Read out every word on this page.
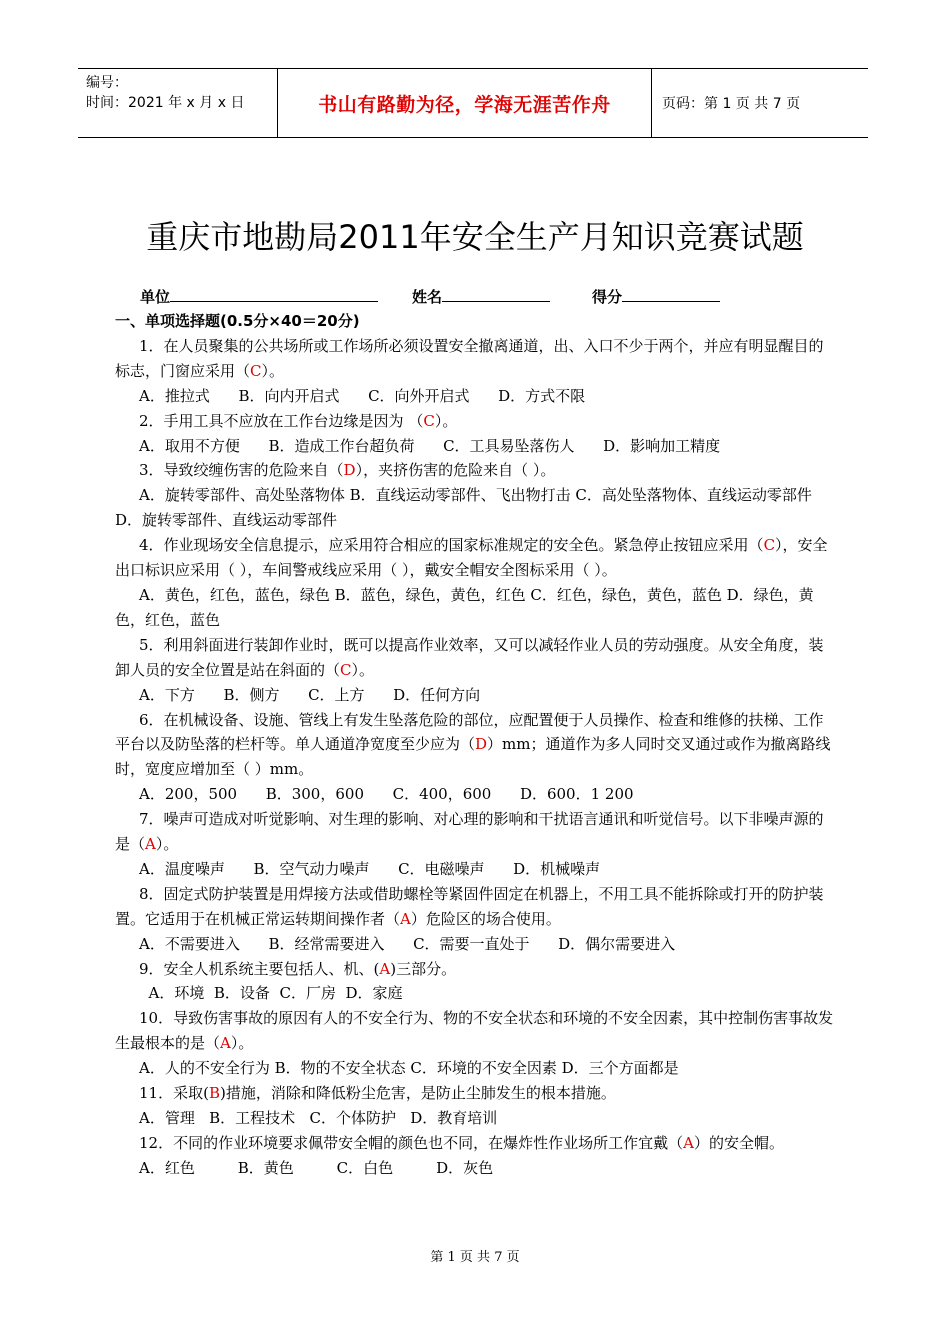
编号：
时间：2021 年 x 月 x 日	书山有路勤为径，学海无涯苦作舟	页码：第 1 页 共 7 页
重庆市地勘局2011年安全生产月知识竞赛试题
单位	姓名	得分

一、单项选择题(0.5分×40＝20分)

1．在人员聚集的公共场所或工作场所必须设置安全撤离通道，出、入口不少于两个，并应有明显醒目的标志，门窗应采用（C）。

A．推拉式      B．向内开启式      C．向外开启式      D．方式不限

2．手用工具不应放在工作台边缘是因为 （C）。

A．取用不方便      B．造成工作台超负荷      C．工具易坠落伤人      D．影响加工精度

3．导致绞缠伤害的危险来自（D），夹挤伤害的危险来自（ ）。

A．旋转零部件、高处坠落物体 B．直线运动零部件、飞出物打击 C．高处坠落物体、直线运动零部件 D．旋转零部件、直线运动零部件

4．作业现场安全信息提示，应采用符合相应的国家标准规定的安全色。紧急停止按钮应采用（C），安全出口标识应采用（ ），车间警戒线应采用（ ），戴安全帽安全图标采用（ ）。

A．黄色，红色，蓝色，绿色 B．蓝色，绿色，黄色，红色 C．红色，绿色，黄色，蓝色 D．绿色，黄色，红色，蓝色

5．利用斜面进行装卸作业时，既可以提高作业效率，又可以减轻作业人员的劳动强度。从安全角度，装卸人员的安全位置是站在斜面的（C）。

A．下方      B．侧方      C．上方      D．任何方向

6．在机械设备、设施、管线上有发生坠落危险的部位，应配置便于人员操作、检查和维修的扶梯、工作平台以及防坠落的栏杆等。单人通道净宽度至少应为（D）mm；通道作为多人同时交叉通过或作为撤离路线时，宽度应增加至（ ）mm。

A．200，500      B．300，600      C．400，600      D．600．1 200

7．噪声可造成对听觉影响、对生理的影响、对心理的影响和干扰语言通讯和听觉信号。以下非噪声源的是（A）。

A．温度噪声      B．空气动力噪声      C．电磁噪声      D．机械噪声

8．固定式防护装置是用焊接方法或借助螺栓等紧固件固定在机器上，不用工具不能拆除或打开的防护装置。它适用于在机械正常运转期间操作者（A）危险区的场合使用。

A．不需要进入      B．经常需要进入      C．需要一直处于      D．偶尔需要进入

9．安全人机系统主要包括人、机、(A)三部分。

A．环境  B．设备  C．厂房  D．家庭

10．导致伤害事故的原因有人的不安全行为、物的不安全状态和环境的不安全因素，其中控制伤害事故发生最根本的是（A）。

A．人的不安全行为 B．物的不安全状态 C．环境的不安全因素 D．三个方面都是

11．采取(B)措施，消除和降低粉尘危害，是防止尘肺发生的根本措施。

A．管理   B．工程技术   C．个体防护   D．教育培训

12．不同的作业环境要求佩带安全帽的颜色也不同，在爆炸性作业场所工作宜戴（A）的安全帽。

A．红色         B．黄色         C．白色         D．灰色

第 1 页 共 7 页
